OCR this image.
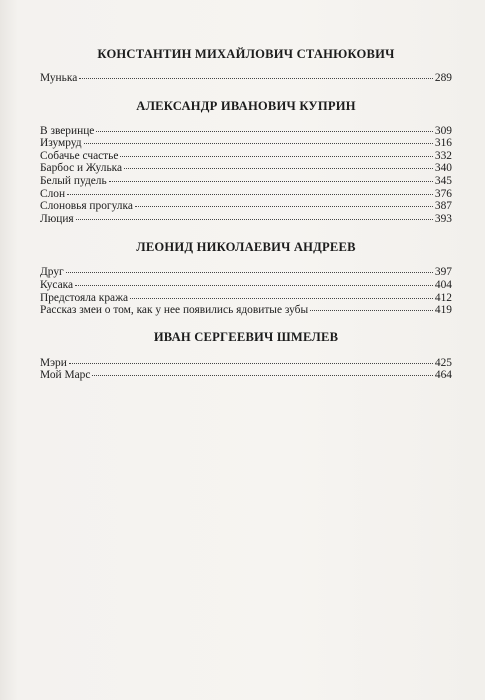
КОНСТАНТИН МИХАЙЛОВИЧ СТАНЮКОВИЧ
Мунька	289
АЛЕКСАНДР ИВАНОВИЧ КУПРИН
В зверинце	309
Изумруд	316
Собачье счастье	332
Барбос и Жулька	340
Белый пудель	345
Слон	376
Слоновья прогулка	387
Люция	393
ЛЕОНИД НИКОЛАЕВИЧ АНДРЕЕВ
Друг	397
Кусака	404
Предстояла кража	412
Рассказ змеи о том, как у нее появились ядовитые зубы	419
ИВАН СЕРГЕЕВИЧ ШМЕЛЕВ
Мэри	425
Мой Марс	464
